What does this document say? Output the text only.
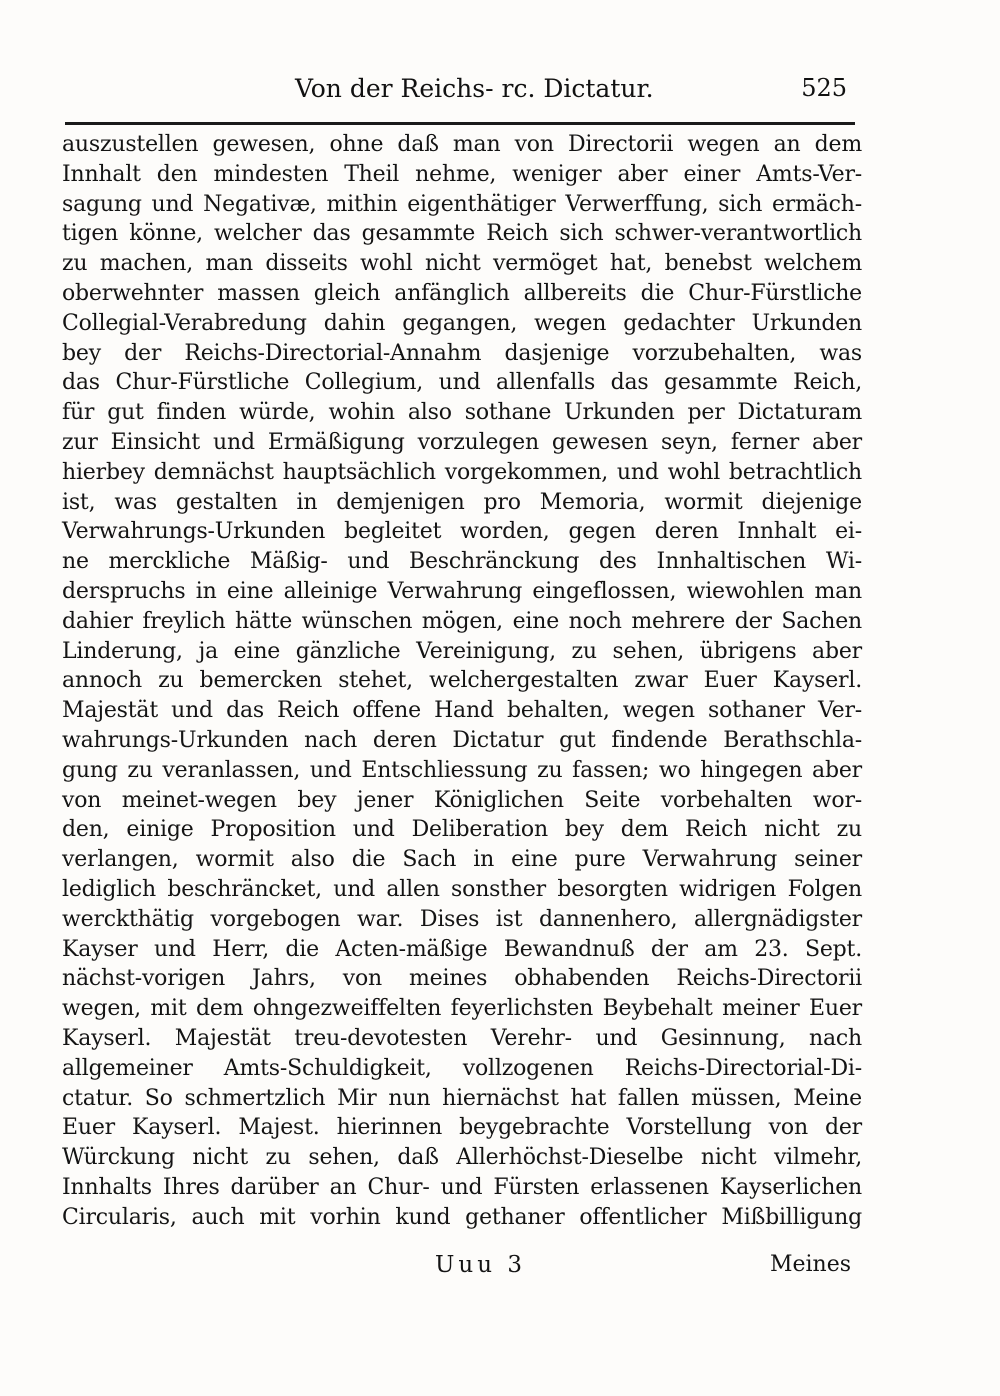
Von der Reichs- rc. Dictatur.	525
auszustellen gewesen, ohne daß man von Directorii wegen an dem
Innhalt den mindesten Theil nehme, weniger aber einer Amts-Ver-
sagung und Negativæ, mithin eigenthätiger Verwerffung, sich ermäch-
tigen könne, welcher das gesammte Reich sich schwer-verantwortlich
zu machen, man disseits wohl nicht vermöget hat, benebst welchem
oberwehnter massen gleich anfänglich allbereits die Chur-Fürstliche
Collegial-Verabredung dahin gegangen, wegen gedachter Urkunden
bey der Reichs-Directorial-Annahm dasjenige vorzubehalten, was
das Chur-Fürstliche Collegium, und allenfalls das gesammte Reich,
für gut finden würde, wohin also sothane Urkunden per Dictaturam
zur Einsicht und Ermäßigung vorzulegen gewesen seyn, ferner aber
hierbey demnächst hauptsächlich vorgekommen, und wohl betrachtlich
ist, was gestalten in demjenigen pro Memoria, wormit diejenige
Verwahrungs-Urkunden begleitet worden, gegen deren Innhalt ei-
ne merckliche Mäßig- und Beschränckung des Innhaltischen Wi-
derspruchs in eine alleinige Verwahrung eingeflossen, wiewohlen man
dahier freylich hätte wünschen mögen, eine noch mehrere der Sachen
Linderung, ja eine gänzliche Vereinigung, zu sehen, übrigens aber
annoch zu bemercken stehet, welchergestalten zwar Euer Kayserl.
Majestät und das Reich offene Hand behalten, wegen sothaner Ver-
wahrungs-Urkunden nach deren Dictatur gut findende Berathschla-
gung zu veranlassen, und Entschliessung zu fassen; wo hingegen aber
von meinet-wegen bey jener Königlichen Seite vorbehalten wor-
den, einige Proposition und Deliberation bey dem Reich nicht zu
verlangen, wormit also die Sach in eine pure Verwahrung seiner
lediglich beschräncket, und allen sonsther besorgten widrigen Folgen
werckthätig vorgebogen war. Dises ist dannenhero, allergnädigster
Kayser und Herr, die Acten-mäßige Bewandnuß der am 23. Sept.
nächst-vorigen Jahrs, von meines obhabenden Reichs-Directorii
wegen, mit dem ohngezweiffelten feyerlichsten Beybehalt meiner Euer
Kayserl. Majestät treu-devotesten Verehr- und Gesinnung, nach
allgemeiner Amts-Schuldigkeit, vollzogenen Reichs-Directorial-Di-
ctatur. So schmertzlich Mir nun hiernächst hat fallen müssen, Meine
Euer Kayserl. Majest. hierinnen beygebrachte Vorstellung von der
Würckung nicht zu sehen, daß Allerhöchst-Dieselbe nicht vilmehr,
Innhalts Ihres darüber an Chur- und Fürsten erlassenen Kayserlichen
Circularis, auch mit vorhin kund gethaner offentlicher Mißbilligung
Uuu 3	Meines
